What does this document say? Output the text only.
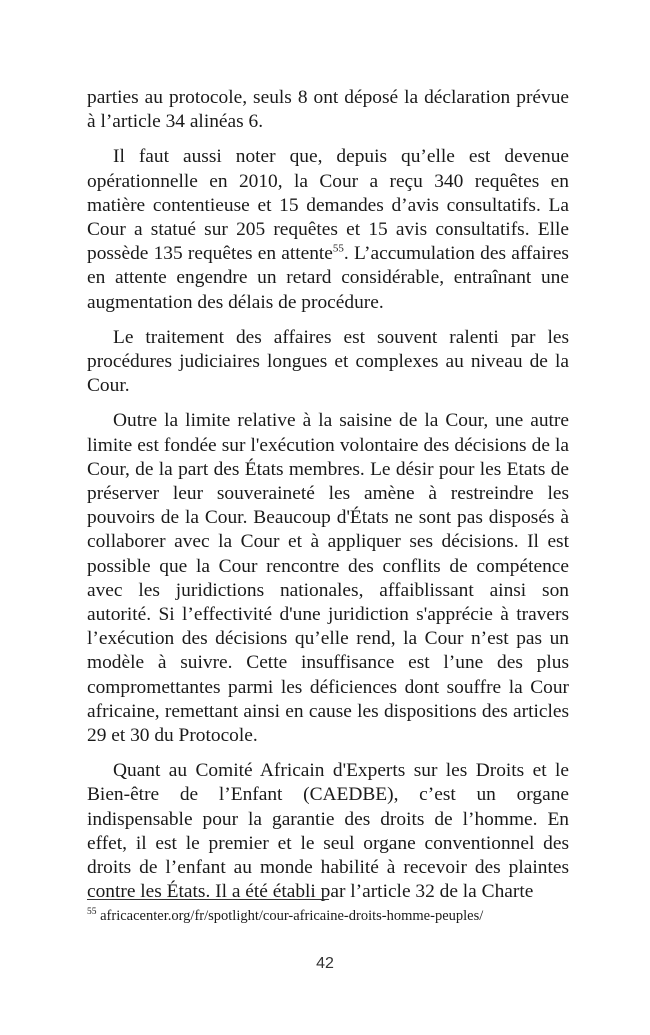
parties au protocole, seuls 8 ont déposé la déclaration prévue à l’article 34 alinéas 6.

Il faut aussi noter que, depuis qu’elle est devenue opérationnelle en 2010, la Cour a reçu 340 requêtes en matière contentieuse et 15 demandes d’avis consultatifs. La Cour a statué sur 205 requêtes et 15 avis consultatifs. Elle possède 135 requêtes en attente$^{55}$. L’accumulation des affaires en attente engendre un retard considérable, entraînant une augmentation des délais de procédure.

Le traitement des affaires est souvent ralenti par les procédures judiciaires longues et complexes au niveau de la Cour.

Outre la limite relative à la saisine de la Cour, une autre limite est fondée sur l'exécution volontaire des décisions de la Cour, de la part des États membres. Le désir pour les Etats de préserver leur souveraineté les amène à restreindre les pouvoirs de la Cour. Beaucoup d'États ne sont pas disposés à collaborer avec la Cour et à appliquer ses décisions. Il est possible que la Cour rencontre des conflits de compétence avec les juridictions nationales, affaiblissant ainsi son autorité. Si l’effectivité d'une juridiction s'apprécie à travers l’exécution des décisions qu’elle rend, la Cour n’est pas un modèle à suivre. Cette insuffisance est l’une des plus compromettantes parmi les déficiences dont souffre la Cour africaine, remettant ainsi en cause les dispositions des articles 29 et 30 du Protocole.

Quant au Comité Africain d'Experts sur les Droits et le Bien-être de l’Enfant (CAEDBE), c’est un organe indispensable pour la garantie des droits de l’homme. En effet, il est le premier et le seul organe conventionnel des droits de l’enfant au monde habilité à recevoir des plaintes contre les États. Il a été établi par l’article 32 de la Charte

$^{55}$ africacenter.org/fr/spotlight/cour-africaine-droits-homme-peuples/
42
